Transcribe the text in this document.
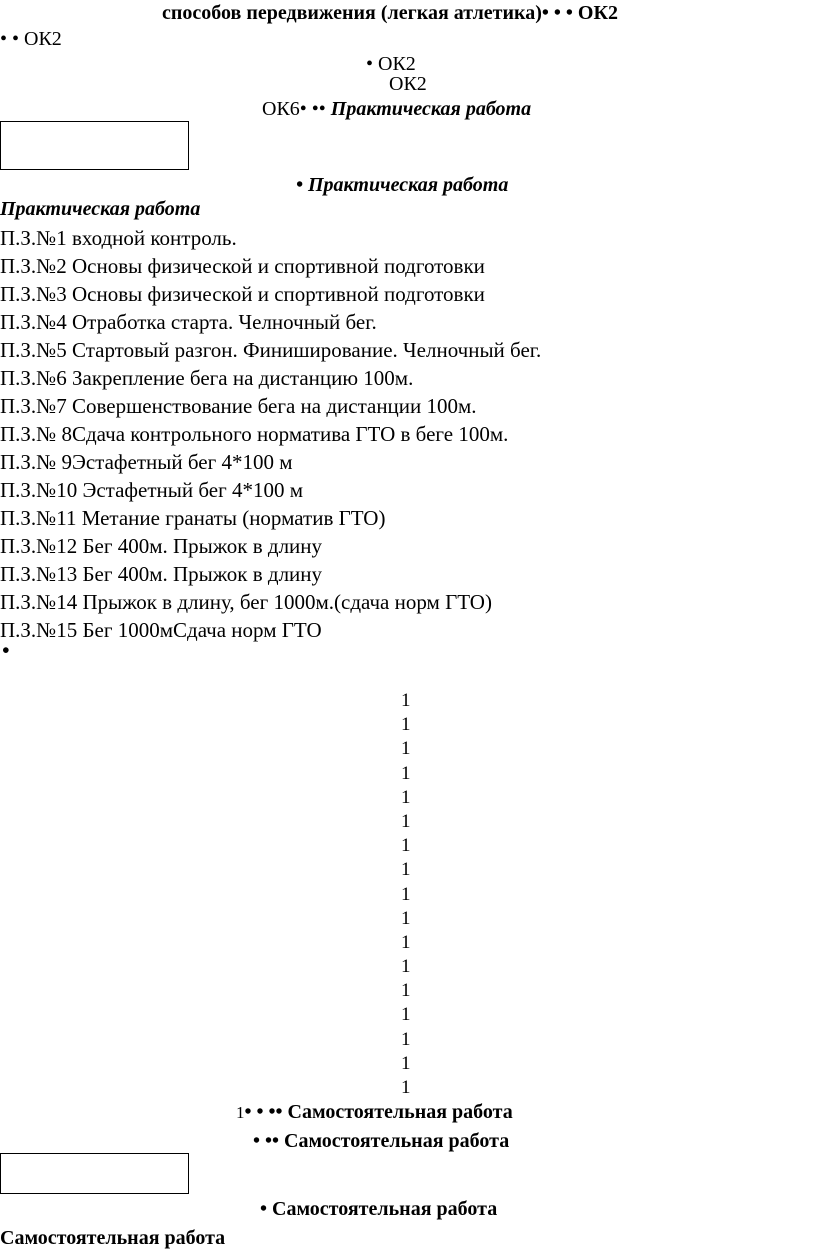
способов передвижения (легкая атлетика)• • • ОК2
• • ОК2
• ОК2
ОК2
ОК6• •• Практическая работа
• Практическая работа
Практическая работа
П.З.№1 входной контроль.
П.З.№2 Основы физической и спортивной подготовки
П.З.№3 Основы физической и спортивной подготовки
П.З.№4 Отработка старта. Челночный бег.
П.З.№5 Стартовый разгон. Финиширование. Челночный бег.
П.З.№6 Закрепление бега на дистанцию 100м.
П.З.№7 Совершенствование бега на дистанции 100м.
П.З.№ 8Сдача контрольного норматива ГТО в беге 100м.
П.З.№ 9Эстафетный бег 4*100 м
П.З.№10 Эстафетный бег 4*100 м
П.З.№11 Метание гранаты (норматив ГТО)
П.З.№12 Бег 400м. Прыжок в длину
П.З.№13 Бег 400м. Прыжок в длину
П.З.№14 Прыжок в длину, бег 1000м.(сдача норм ГТО)
П.З.№15 Бег 1000мСдача норм ГТО
•
1
1
1
1
1
1
1
1
1
1
1
1
1
1
1
1
1
1• • •• Самостоятельная работа
• •• Самостоятельная работа
• Самостоятельная работа
Самостоятельная работа
